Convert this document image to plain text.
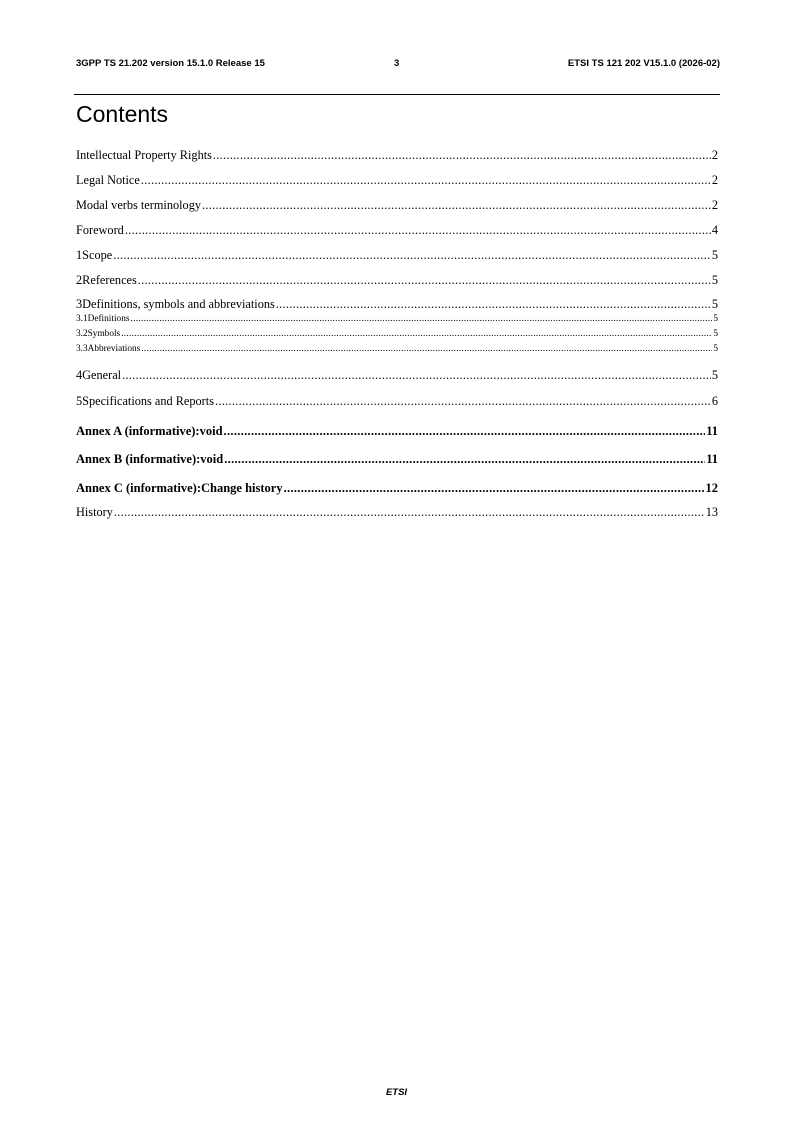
3GPP TS 21.202 version 15.1.0 Release 15	3	ETSI TS 121 202 V15.1.0 (2026-02)
Contents
Intellectual Property Rights .....	2
Legal Notice .....	2
Modal verbs terminology .....	2
Foreword .....	4
1 Scope .....	5
2 References .....	5
3 Definitions, symbols and abbreviations .....	5
3.1 Definitions .....	5
3.2 Symbols .....	5
3.3 Abbreviations .....	5
4 General .....	5
5 Specifications and Reports .....	6
Annex A (informative): void .....	11
Annex B (informative): void .....	11
Annex C (informative): Change history .....	12
History .....	13
ETSI
